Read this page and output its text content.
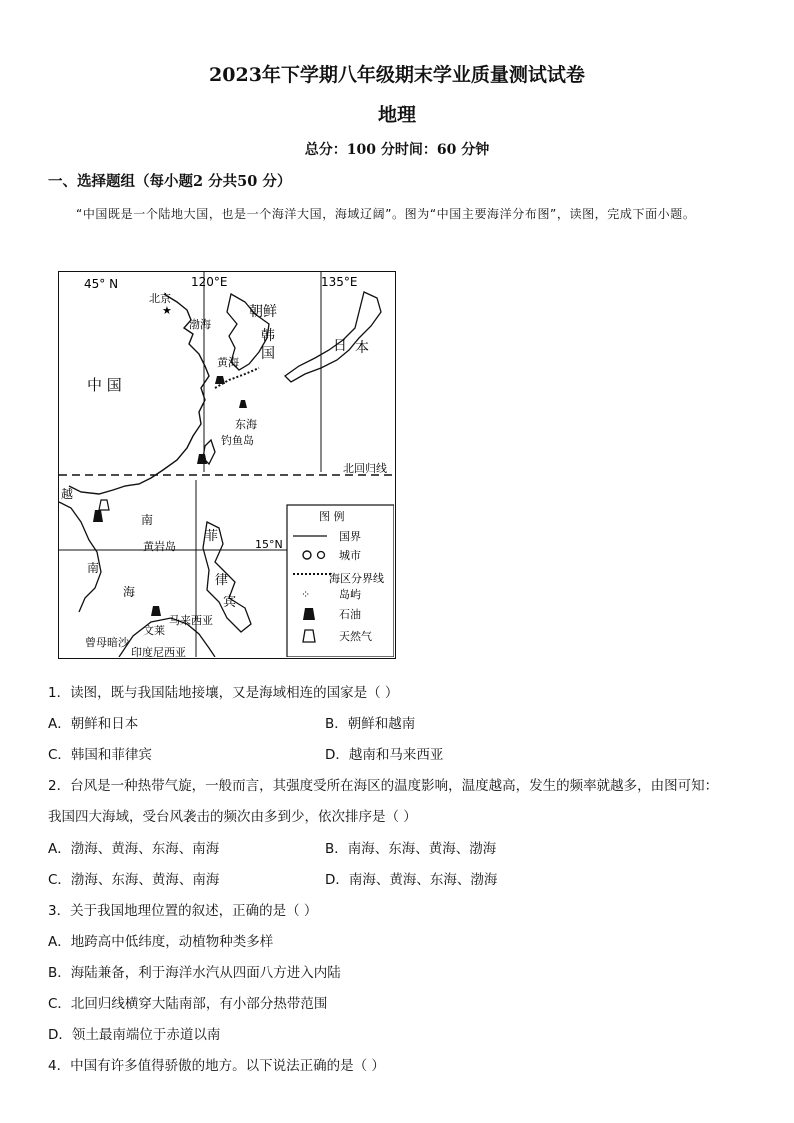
2023年下学期八年级期末学业质量测试试卷
地理
总分：100 分时间：60 分钟
一、选择题组（每小题2 分共50 分）
“中国既是一个陆地大国，也是一个海洋大国，海域辽阔”。图为“中国主要海洋分布图”，读图，完成下面小题。
45° N	120°E	135°E
北京
★
渤海
朝鲜
韩
国	日 本
黄海
中 国
东海
钓鱼岛
北回归线
越
南
南
海
黄岩岛
菲
律
宾
马来西亚
文莱
曾母暗沙
印度尼西亚
15°N
图 例
国界
城市
海区分界线
⁘	岛屿
石油
天然气
1．读图，既与我国陆地接壤，又是海域相连的国家是（ ）
A．朝鲜和日本	B．朝鲜和越南
C．韩国和菲律宾	D．越南和马来西亚
2．台风是一种热带气旋，一般而言，其强度受所在海区的温度影响，温度越高，发生的频率就越多，由图可知：
我国四大海域，受台风袭击的频次由多到少，依次排序是（ ）
A．渤海、黄海、东海、南海	B．南海、东海、黄海、渤海
C．渤海、东海、黄海、南海	D．南海、黄海、东海、渤海
3．关于我国地理位置的叙述，正确的是（ ）
A．地跨高中低纬度，动植物种类多样
B．海陆兼备，利于海洋水汽从四面八方进入内陆
C．北回归线横穿大陆南部，有小部分热带范围
D．领土最南端位于赤道以南
4．中国有许多值得骄傲的地方。以下说法正确的是（ ）
